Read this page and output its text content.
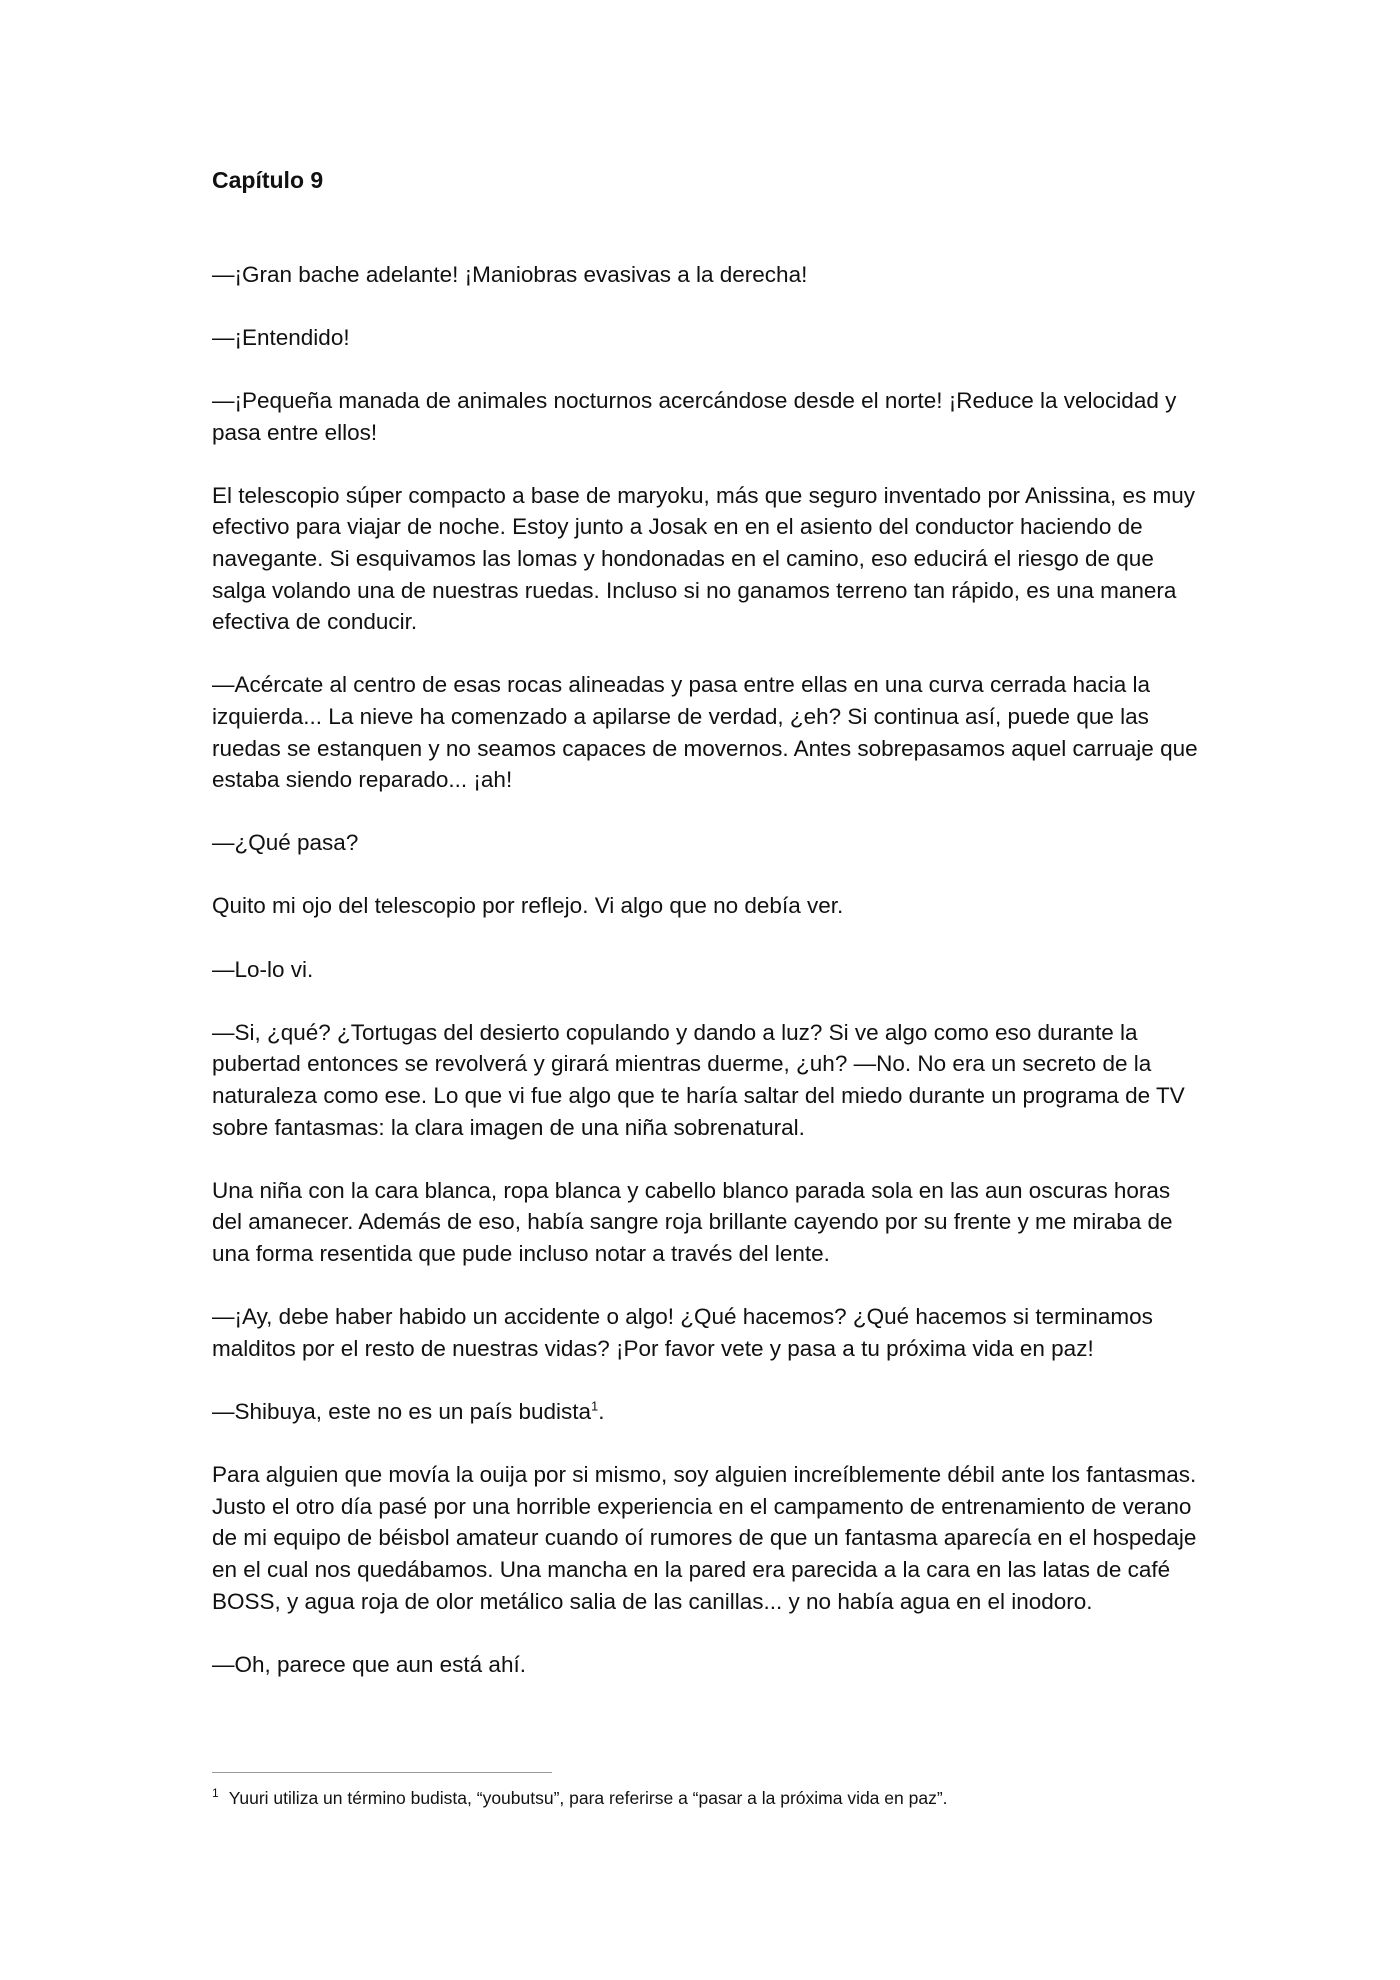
Capítulo 9

—¡Gran bache adelante! ¡Maniobras evasivas a la derecha!

—¡Entendido!

—¡Pequeña manada de animales nocturnos acercándose desde el norte! ¡Reduce la velocidad y pasa entre ellos!

El telescopio súper compacto a base de maryoku, más que seguro inventado por Anissina, es muy efectivo para viajar de noche. Estoy junto a Josak en en el asiento del conductor haciendo de navegante. Si esquivamos las lomas y hondonadas en el camino, eso educirá el riesgo de que salga volando una de nuestras ruedas. Incluso si no ganamos terreno tan rápido, es una manera efectiva de conducir.

—Acércate al centro de esas rocas alineadas y pasa entre ellas en una curva cerrada hacia la izquierda... La nieve ha comenzado a apilarse de verdad, ¿eh? Si continua así, puede que las ruedas se estanquen y no seamos capaces de movernos. Antes sobrepasamos aquel carruaje que estaba siendo reparado... ¡ah!

—¿Qué pasa?

Quito mi ojo del telescopio por reflejo. Vi algo que no debía ver.

—Lo-lo vi.

—Si, ¿qué? ¿Tortugas del desierto copulando y dando a luz? Si ve algo como eso durante la pubertad entonces se revolverá y girará mientras duerme, ¿uh? —No. No era un secreto de la naturaleza como ese. Lo que vi fue algo que te haría saltar del miedo durante un programa de TV sobre fantasmas: la clara imagen de una niña sobrenatural.

Una niña con la cara blanca, ropa blanca y cabello blanco parada sola en las aun oscuras horas del amanecer. Además de eso, había sangre roja brillante cayendo por su frente y me miraba de una forma resentida que pude incluso notar a través del lente.

—¡Ay, debe haber habido un accidente o algo! ¿Qué hacemos? ¿Qué hacemos si terminamos malditos por el resto de nuestras vidas? ¡Por favor vete y pasa a tu próxima vida en paz!

—Shibuya, este no es un país budista$^1$.

Para alguien que movía la ouija por si mismo, soy alguien increíblemente débil ante los fantasmas. Justo el otro día pasé por una horrible experiencia en el campamento de entrenamiento de verano de mi equipo de béisbol amateur cuando oí rumores de que un fantasma aparecía en el hospedaje en el cual nos quedábamos. Una mancha en la pared era parecida a la cara en las latas de café BOSS, y agua roja de olor metálico salia de las canillas... y no había agua en el inodoro.

—Oh, parece que aun está ahí.

$^1$ Yuuri utiliza un término budista, “youbutsu”, para referirse a “pasar a la próxima vida en paz”.
